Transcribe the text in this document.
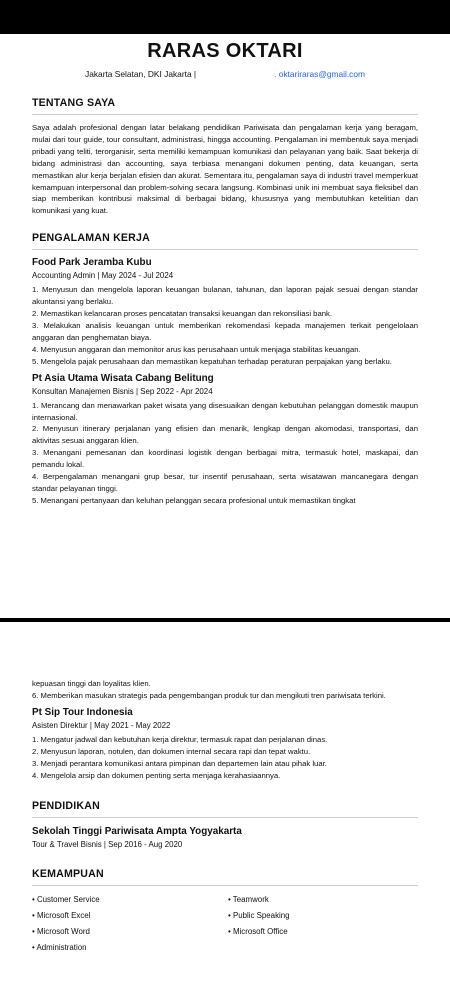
RARAS OKTARI
Jakarta Selatan, DKI Jakarta |	. oktariraras@gmail.com
TENTANG SAYA
Saya adalah profesional dengan latar belakang pendidikan Pariwisata dan pengalaman kerja yang beragam, mulai dari tour guide, tour consultant, administrasi, hingga accounting. Pengalaman ini membentuk saya menjadi pribadi yang teliti, terorganisir, serta memiliki kemampuan komunikasi dan pelayanan yang baik. Saat bekerja di bidang administrasi dan accounting, saya terbiasa menangani dokumen penting, data keuangan, serta memastikan alur kerja berjalan efisien dan akurat. Sementara itu, pengalaman saya di industri travel memperkuat kemampuan interpersonal dan problem-solving secara langsung. Kombinasi unik ini membuat saya fleksibel dan siap memberikan kontribusi maksimal di berbagai bidang, khususnya yang membutuhkan ketelitian dan komunikasi yang kuat.
PENGALAMAN KERJA
Food Park Jeramba Kubu
Accounting Admin | May 2024 - Jul 2024

1. Menyusun dan mengelola laporan keuangan bulanan, tahunan, dan laporan pajak sesuai dengan standar akuntansi yang berlaku.

2. Memastikan kelancaran proses pencatatan transaksi keuangan dan rekonsiliasi bank.

3. Melakukan analisis keuangan untuk memberikan rekomendasi kepada manajemen terkait pengelolaan anggaran dan penghematan biaya.

4. Menyusun anggaran dan memonitor arus kas perusahaan untuk menjaga stabilitas keuangan.

5. Mengelola pajak perusahaan dan memastikan kepatuhan terhadap peraturan perpajakan yang berlaku.

Pt Asia Utama Wisata Cabang Belitung
Konsultan Manajemen Bisnis | Sep 2022 - Apr 2024

1. Merancang dan menawarkan paket wisata yang disesuaikan dengan kebutuhan pelanggan domestik maupun internasional.

2. Menyusun itinerary perjalanan yang efisien dan menarik, lengkap dengan akomodasi, transportasi, dan aktivitas sesuai anggaran klien.

3. Menangani pemesanan dan koordinasi logistik dengan berbagai mitra, termasuk hotel, maskapai, dan pemandu lokal.

4. Berpengalaman menangani grup besar, tur insentif perusahaan, serta wisatawan mancanegara dengan standar pelayanan tinggi.

5. Menangani pertanyaan dan keluhan pelanggan secara profesional untuk memastikan tingkat

kepuasan tinggi dan loyalitas klien.

6. Memberikan masukan strategis pada pengembangan produk tur dan mengikuti tren pariwisata terkini.

Pt Sip Tour Indonesia
Asisten Direktur | May 2021 - May 2022

1. Mengatur jadwal dan kebutuhan kerja direktur, termasuk rapat dan perjalanan dinas.

2. Menyusun laporan, notulen, dan dokumen internal secara rapi dan tepat waktu.

3. Menjadi perantara komunikasi antara pimpinan dan departemen lain atau pihak luar.

4. Mengelola arsip dan dokumen penting serta menjaga kerahasiaannya.

PENDIDIKAN
Sekolah Tinggi Pariwisata Ampta Yogyakarta
Tour & Travel Bisnis | Sep 2016 - Aug 2020
KEMAMPUAN
• Customer Service	• Teamwork
• Microsoft Excel	• Public Speaking
• Microsoft Word	• Microsoft Office
• Administration
